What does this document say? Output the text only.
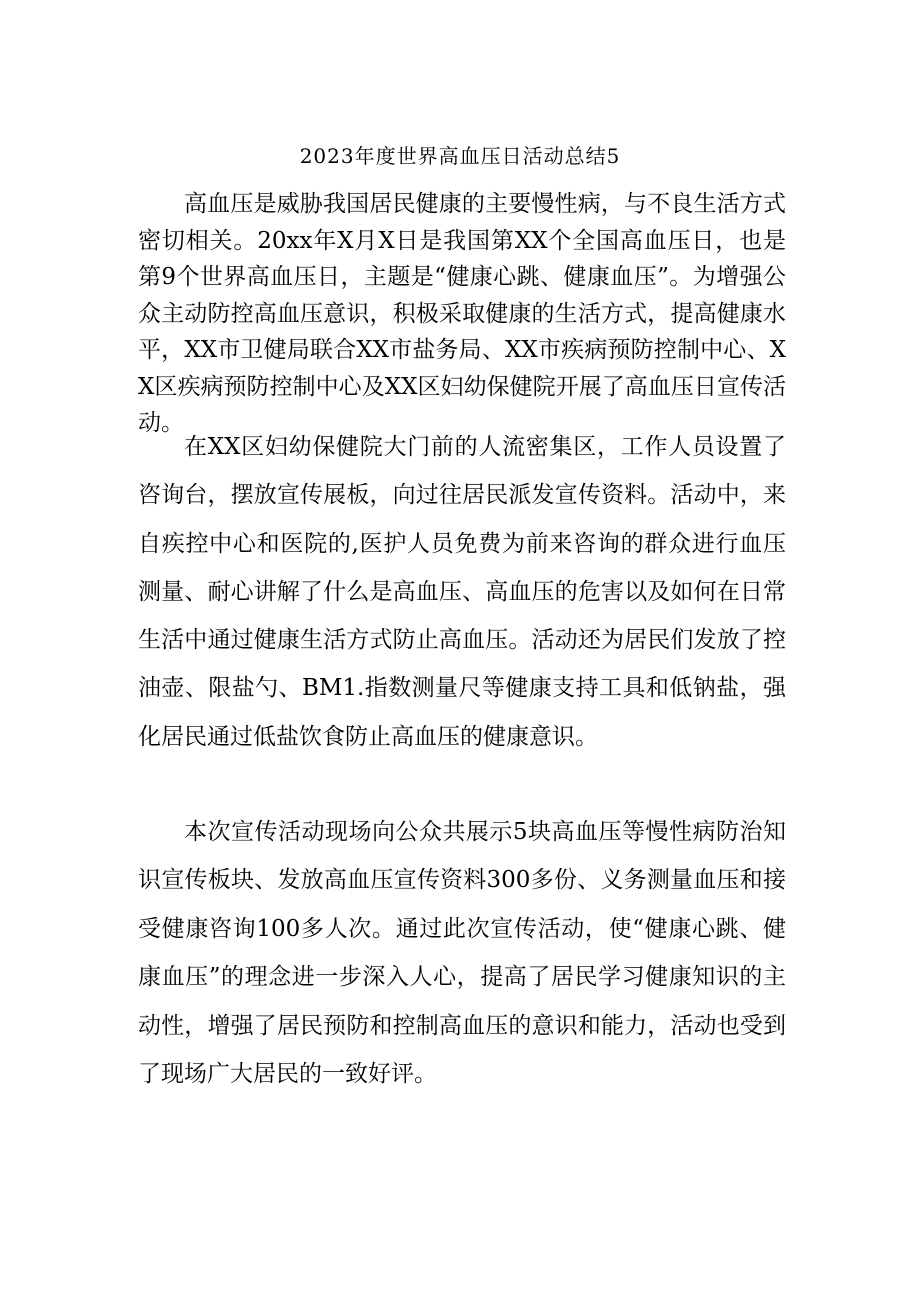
2023年度世界高血压日活动总结5

高血压是威胁我国居民健康的主要慢性病，与不良生活方式密切相关。20xx年X月X日是我国第XX个全国高血压日，也是第9个世界高血压日，主题是“健康心跳、健康血压”。为增强公众主动防控高血压意识，积极采取健康的生活方式，提高健康水平，XX市卫健局联合XX市盐务局、XX市疾病预防控制中心、XX区疾病预防控制中心及XX区妇幼保健院开展了高血压日宣传活动。

在XX区妇幼保健院大门前的人流密集区，工作人员设置了咨询台，摆放宣传展板，向过往居民派发宣传资料。活动中，来自疾控中心和医院的,医护人员免费为前来咨询的群众进行血压测量、耐心讲解了什么是高血压、高血压的危害以及如何在日常生活中通过健康生活方式防止高血压。活动还为居民们发放了控油壶、限盐勺、BM1.指数测量尺等健康支持工具和低钠盐，强化居民通过低盐饮食防止高血压的健康意识。

本次宣传活动现场向公众共展示5块高血压等慢性病防治知识宣传板块、发放高血压宣传资料300多份、义务测量血压和接受健康咨询100多人次。通过此次宣传活动，使“健康心跳、健康血压”的理念进一步深入人心，提高了居民学习健康知识的主动性，增强了居民预防和控制高血压的意识和能力，活动也受到了现场广大居民的一致好评。
